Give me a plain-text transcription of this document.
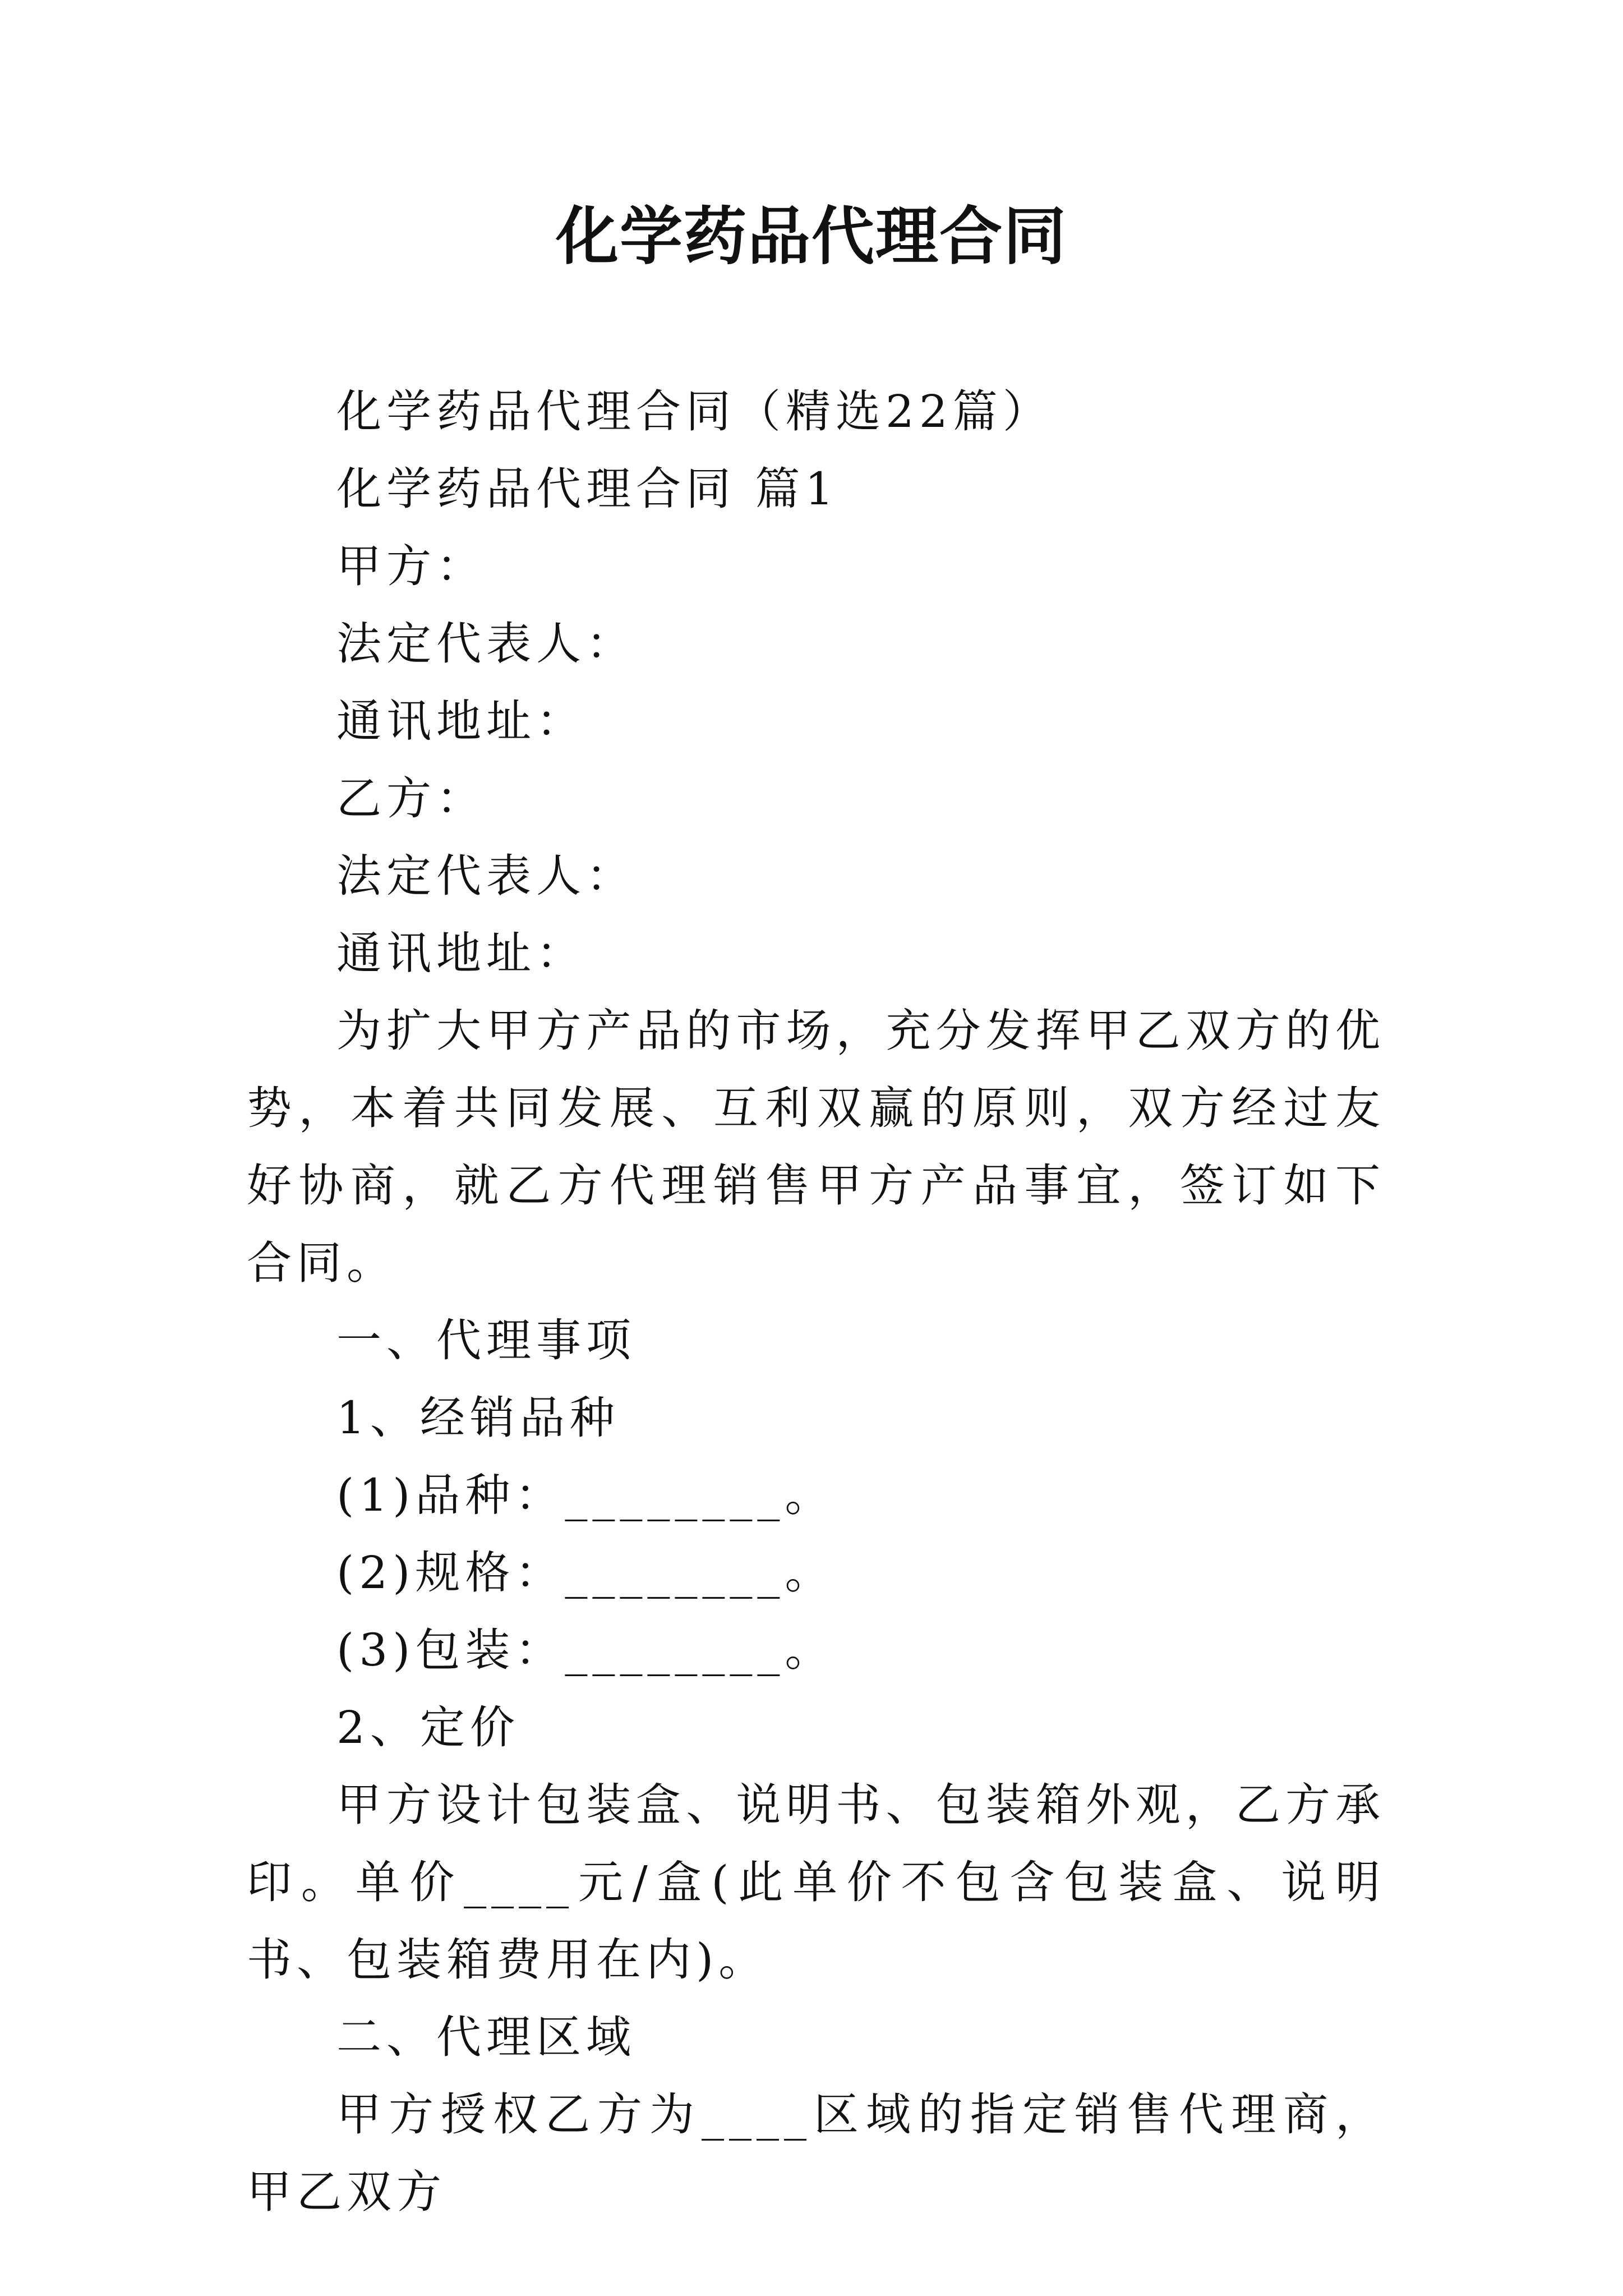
化学药品代理合同

化学药品代理合同（精选22篇）

化学药品代理合同 篇1

甲方：

法定代表人：

通讯地址：

乙方：

法定代表人：

通讯地址：

为扩大甲方产品的市场，充分发挥甲乙双方的优势，本着共同发展、互利双赢的原则，双方经过友好协商，就乙方代理销售甲方产品事宜，签订如下合同。

一、代理事项

1、经销品种

(1)品种：________。

(2)规格：________。

(3)包装：________。

2、定价

甲方设计包装盒、说明书、包装箱外观，乙方承印。单价____元/盒(此单价不包含包装盒、说明书、包装箱费用在内)。

二、代理区域

甲方授权乙方为____区域的指定销售代理商，甲乙双方
